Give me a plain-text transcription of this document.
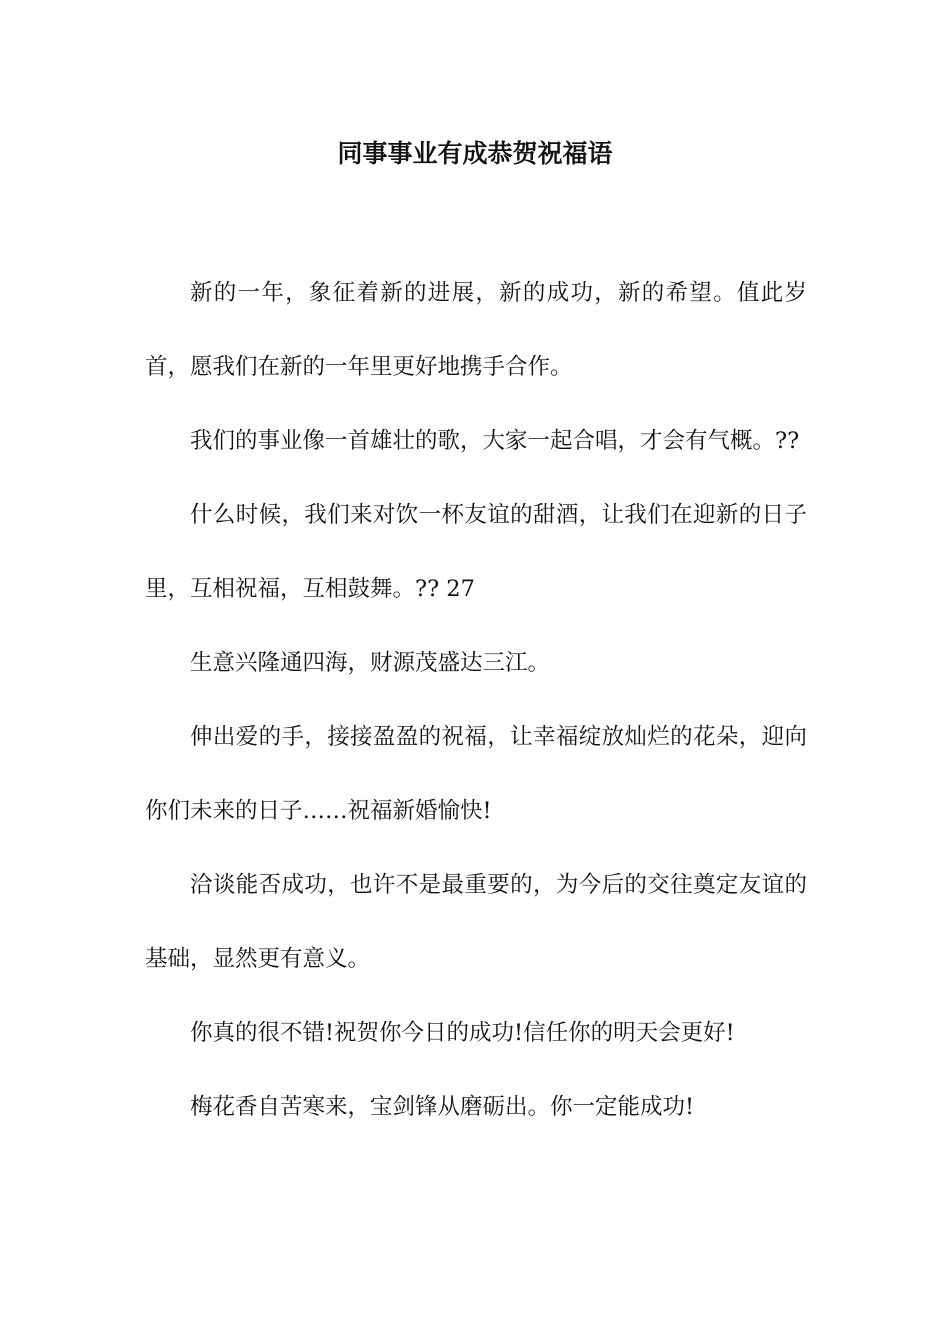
同事事业有成恭贺祝福语

新的一年，象征着新的进展，新的成功，新的希望。值此岁首，愿我们在新的一年里更好地携手合作。

我们的事业像一首雄壮的歌，大家一起合唱，才会有气概。??

什么时候，我们来对饮一杯友谊的甜酒，让我们在迎新的日子里，互相祝福，互相鼓舞。?? 27

生意兴隆通四海，财源茂盛达三江。

伸出爱的手，接接盈盈的祝福，让幸福绽放灿烂的花朵，迎向你们未来的日子……祝福新婚愉快!

洽谈能否成功，也许不是最重要的，为今后的交往奠定友谊的基础，显然更有意义。

你真的很不错!祝贺你今日的成功!信任你的明天会更好!

梅花香自苦寒来，宝剑锋从磨砺出。你一定能成功!
